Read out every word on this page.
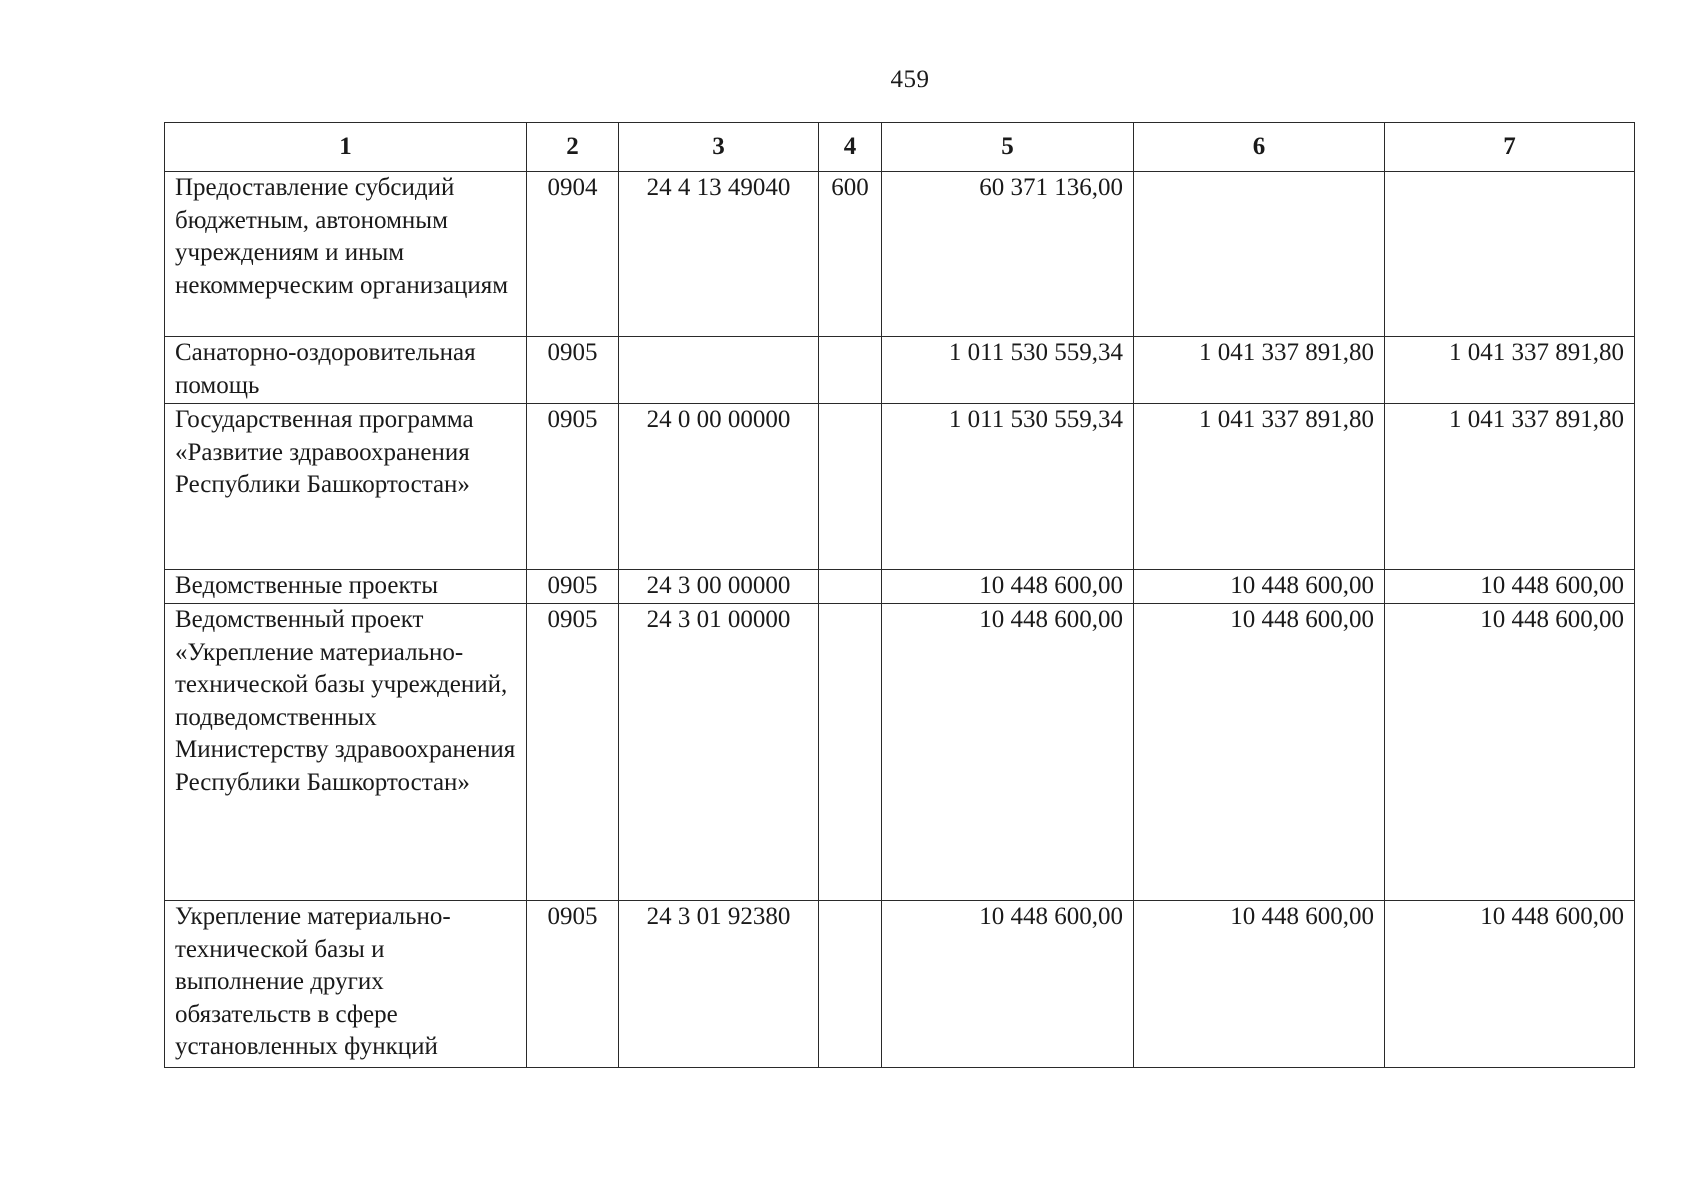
459
1	2	3	4	5	6	7
Предоставление субсидий бюджетным, автономным учреждениям и иным некоммерческим организациям	0904	24 4 13 49040	600	60 371 136,00		
Санаторно-оздоровительная помощь	0905			1 011 530 559,34	1 041 337 891,80	1 041 337 891,80
Государственная программа «Развитие здравоохранения Республики Башкортостан»	0905	24 0 00 00000		1 011 530 559,34	1 041 337 891,80	1 041 337 891,80
Ведомственные проекты	0905	24 3 00 00000		10 448 600,00	10 448 600,00	10 448 600,00
Ведомственный проект «Укрепление материально-технической базы учреждений, подведомственных Министерству здравоохранения Республики Башкортостан»	0905	24 3 01 00000		10 448 600,00	10 448 600,00	10 448 600,00
Укрепление материально-технической базы и выполнение других обязательств в сфере установленных функций	0905	24 3 01 92380		10 448 600,00	10 448 600,00	10 448 600,00
